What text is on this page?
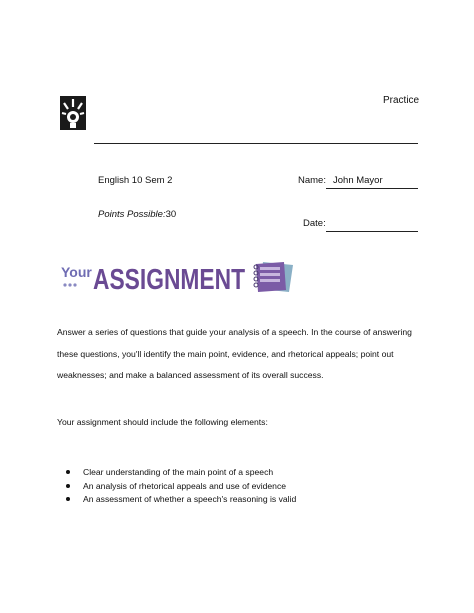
Practice
English 10 Sem 2	Name: John Mayor
Points Possible:30
Date:
Your ASSIGNMENT

Answer a series of questions that guide your analysis of a speech. In the course of answering these questions, you'll identify the main point, evidence, and rhetorical appeals; point out weaknesses; and make a balanced assessment of its overall success.

Your assignment should include the following elements:
Clear understanding of the main point of a speech
An analysis of rhetorical appeals and use of evidence
An assessment of whether a speech's reasoning is valid
